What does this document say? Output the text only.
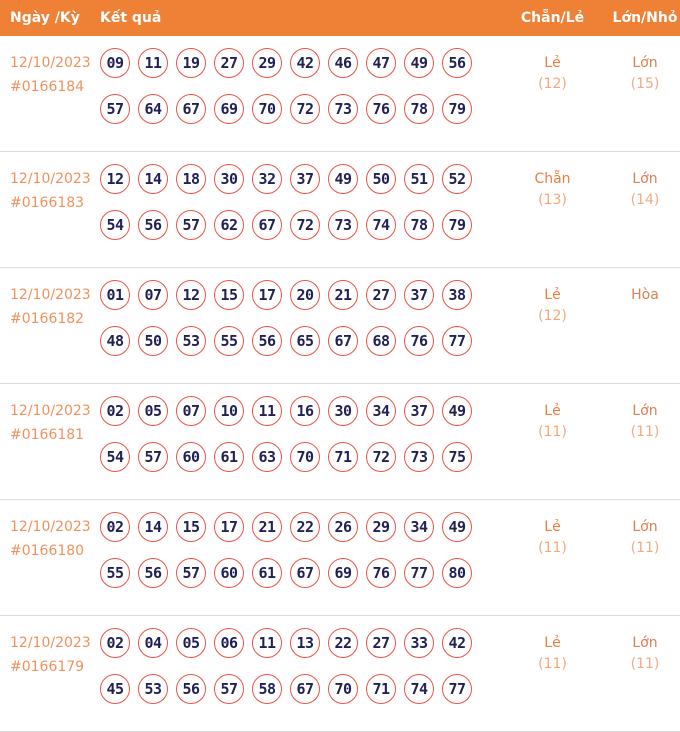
Ngày /Kỳ	Kết quả	Chẵn/Lẻ	Lớn/Nhỏ
12/10/2023
#0166184
09	11	19	27	29	42	46	47	49	56
57	64	67	69	70	72	73	76	78	79
Lẻ
(12)
Lớn
(15)
12/10/2023
#0166183
12	14	18	30	32	37	49	50	51	52
54	56	57	62	67	72	73	74	78	79
Chẵn
(13)
Lớn
(14)
12/10/2023
#0166182
01	07	12	15	17	20	21	27	37	38
48	50	53	55	56	65	67	68	76	77
Lẻ
(12)
Hòa
12/10/2023
#0166181
02	05	07	10	11	16	30	34	37	49
54	57	60	61	63	70	71	72	73	75
Lẻ
(11)
Lớn
(11)
12/10/2023
#0166180
02	14	15	17	21	22	26	29	34	49
55	56	57	60	61	67	69	76	77	80
Lẻ
(11)
Lớn
(11)
12/10/2023
#0166179
02	04	05	06	11	13	22	27	33	42
45	53	56	57	58	67	70	71	74	77
Lẻ
(11)
Lớn
(11)
